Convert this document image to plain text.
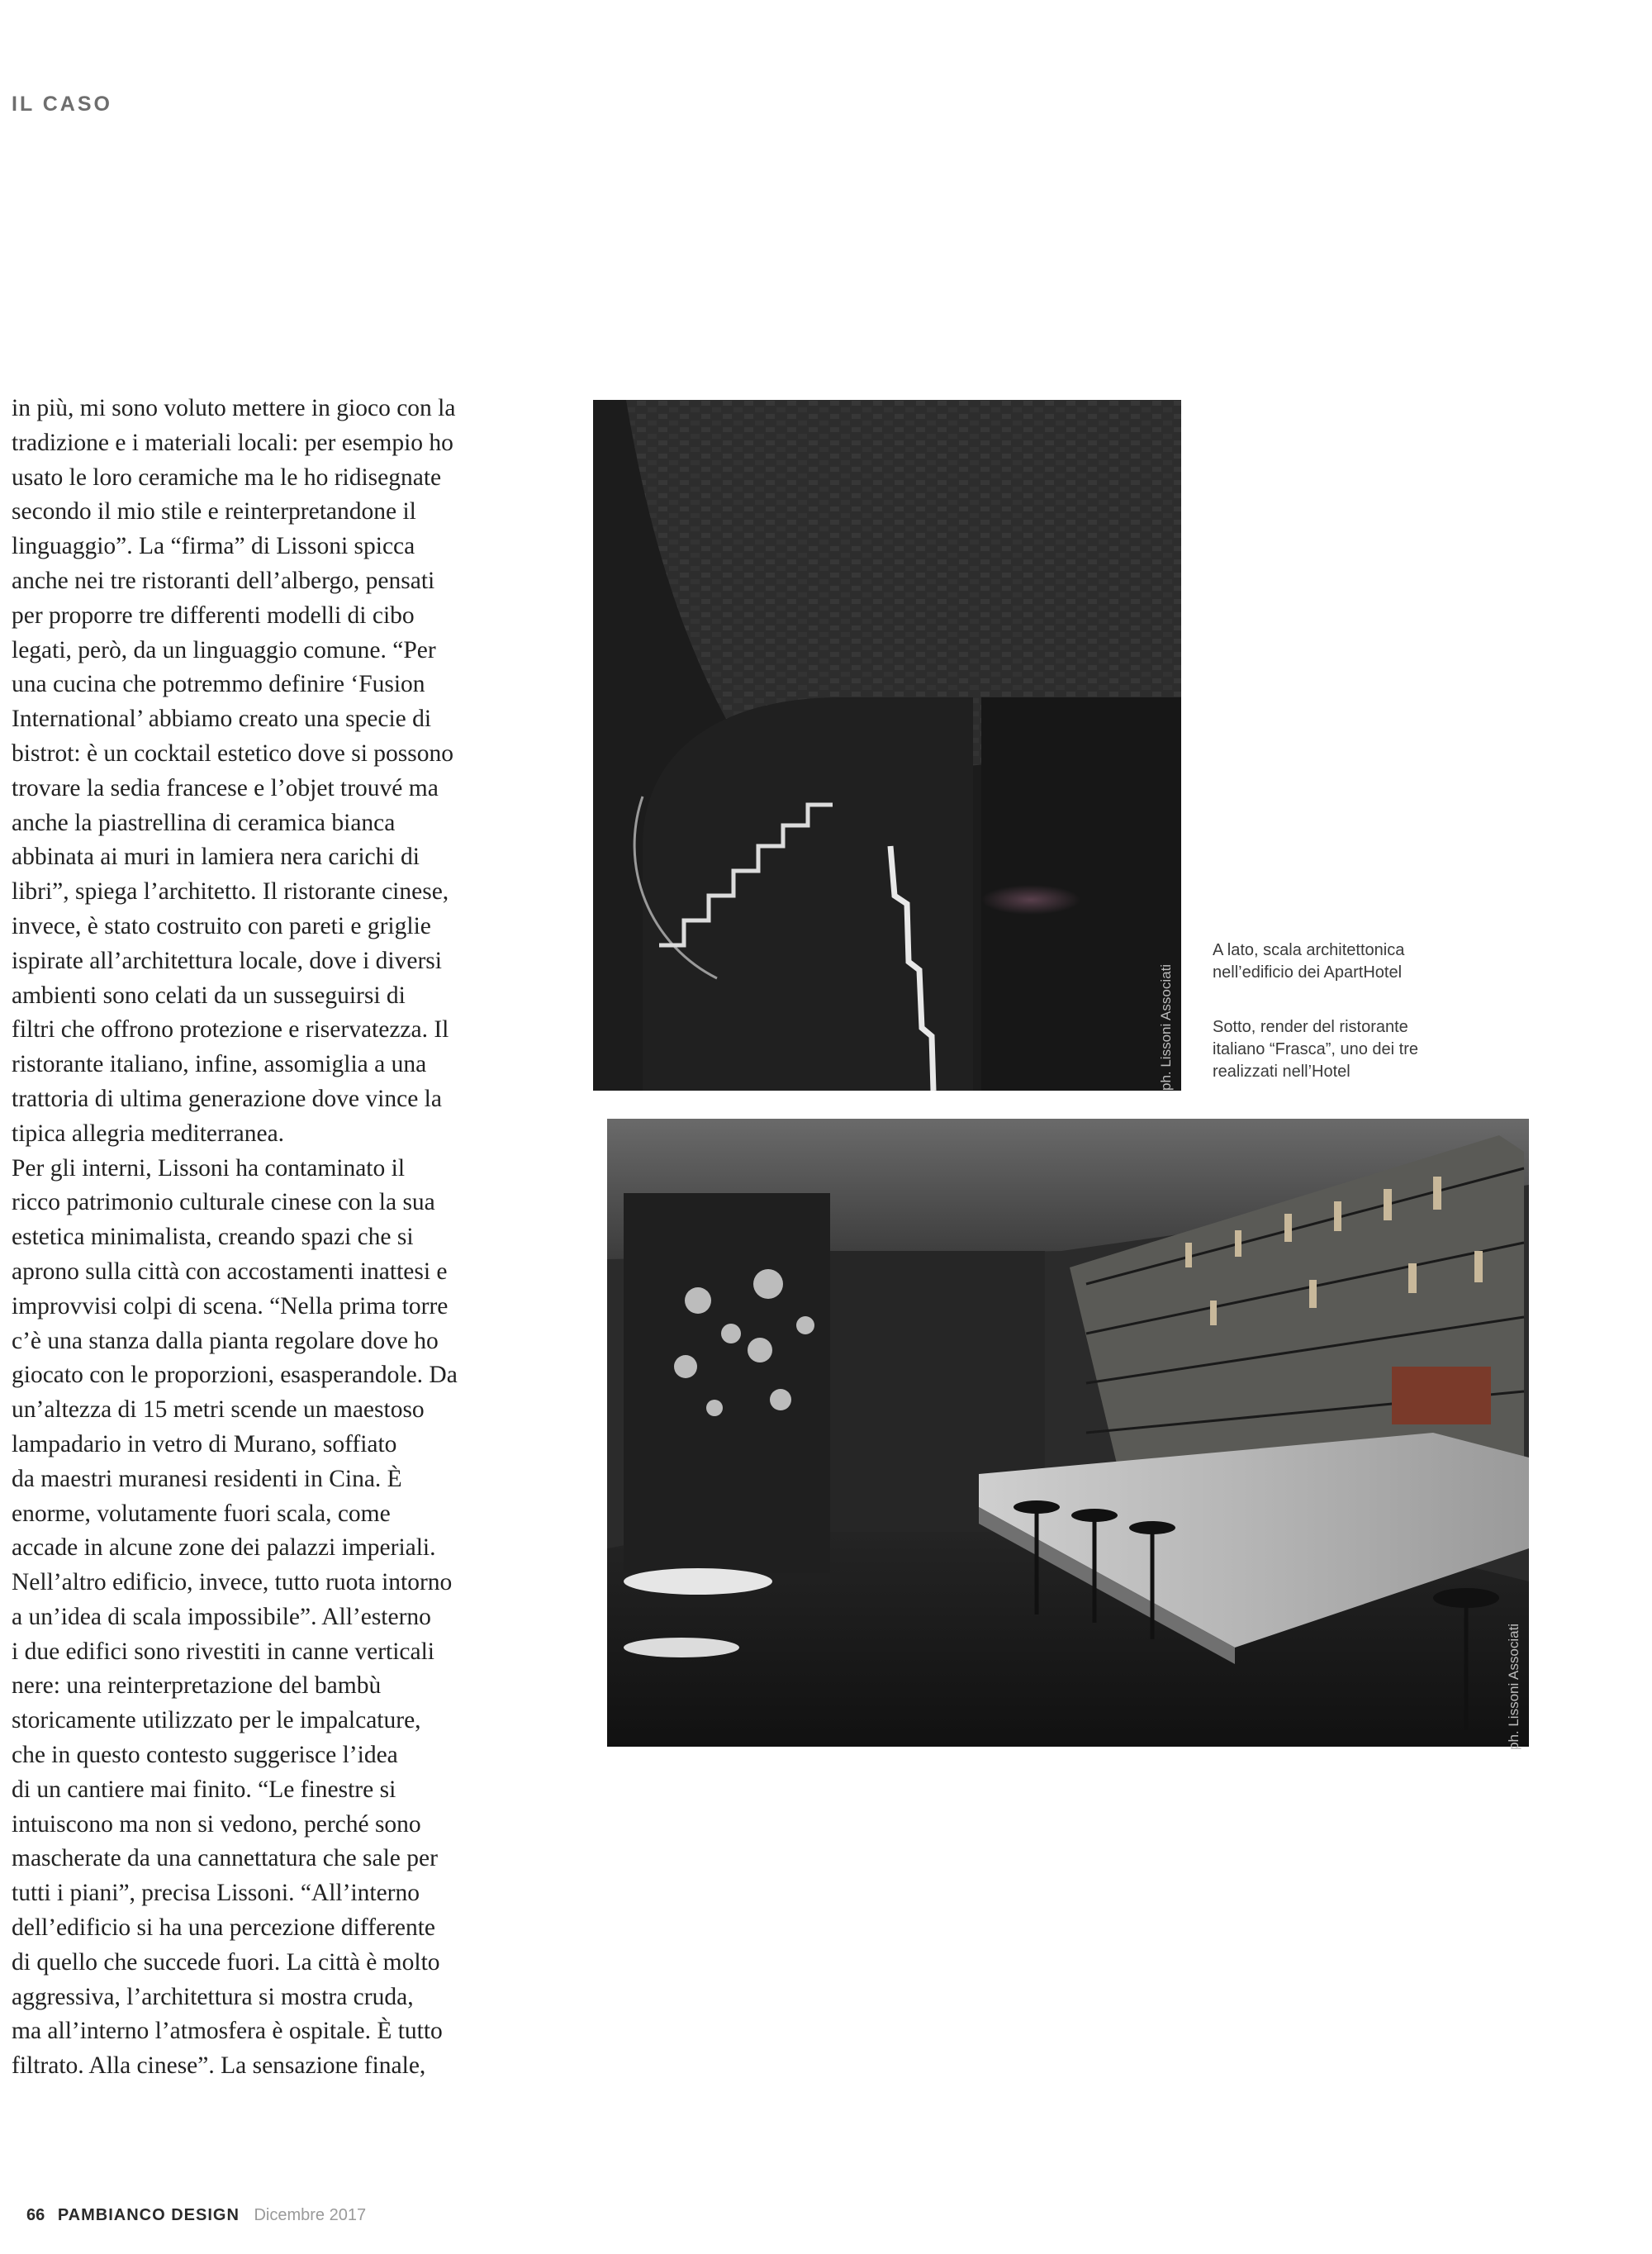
IL CASO
in più, mi sono voluto mettere in gioco con la
tradizione e i materiali locali: per esempio ho
usato le loro ceramiche ma le ho ridisegnate
secondo il mio stile e reinterpretandone il
linguaggio”. La “firma” di Lissoni spicca
anche nei tre ristoranti dell’albergo, pensati
per proporre tre differenti modelli di cibo
legati, però, da un linguaggio comune. “Per
una cucina che potremmo definire ‘Fusion
International’ abbiamo creato una specie di
bistrot: è un cocktail estetico dove si possono
trovare la sedia francese e l’objet trouvé ma
anche la piastrellina di ceramica bianca
abbinata ai muri in lamiera nera carichi di
libri”, spiega l’architetto. Il ristorante cinese,
invece, è stato costruito con pareti e griglie
ispirate all’architettura locale, dove i diversi
ambienti sono celati da un susseguirsi di
filtri che offrono protezione e riservatezza. Il
ristorante italiano, infine, assomiglia a una
trattoria di ultima generazione dove vince la
tipica allegria mediterranea.
Per gli interni, Lissoni ha contaminato il
ricco patrimonio culturale cinese con la sua
estetica minimalista, creando spazi che si
aprono sulla città con accostamenti inattesi e
improvvisi colpi di scena. “Nella prima torre
c’è una stanza dalla pianta regolare dove ho
giocato con le proporzioni, esasperandole. Da
un’altezza di 15 metri scende un maestoso
lampadario in vetro di Murano, soffiato
da maestri muranesi residenti in Cina. È
enorme, volutamente fuori scala, come
accade in alcune zone dei palazzi imperiali.
Nell’altro edificio, invece, tutto ruota intorno
a un’idea di scala impossibile”. All’esterno
i due edifici sono rivestiti in canne verticali
nere: una reinterpretazione del bambù
storicamente utilizzato per le impalcature,
che in questo contesto suggerisce l’idea
di un cantiere mai finito. “Le finestre si
intuiscono ma non si vedono, perché sono
mascherate da una cannettatura che sale per
tutti i piani”, precisa Lissoni. “All’interno
dell’edificio si ha una percezione differente
di quello che succede fuori. La città è molto
aggressiva, l’architettura si mostra cruda,
ma all’interno l’atmosfera è ospitale. È tutto
filtrato. Alla cinese”. La sensazione finale,
ph. Lissoni Associati
A lato, scala architettonica
nell’edificio dei ApartHotel
Sotto, render del ristorante
italiano “Frasca”, uno dei tre
realizzati nell’Hotel
ph. Lissoni Associati
66 PAMBIANCO DESIGN Dicembre 2017
